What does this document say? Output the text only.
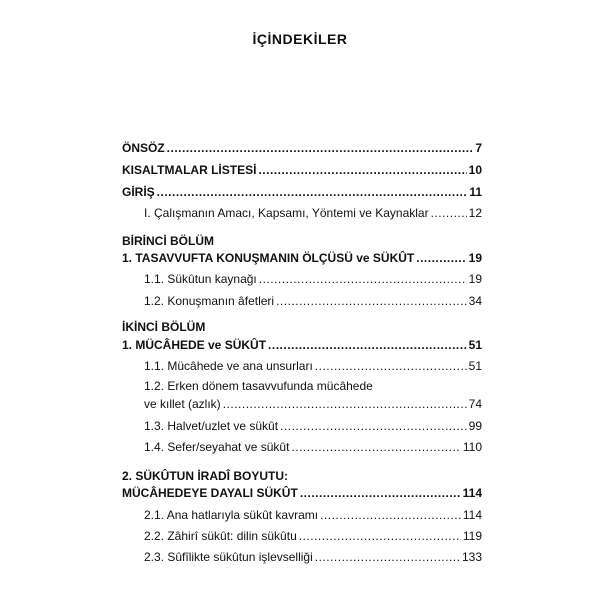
İÇİNDEKİLER
ÖNSÖZ .....	7
KISALTMALAR LİSTESİ .....	10
GİRİŞ .....	11
I. Çalışmanın Amacı, Kapsamı, Yöntemi ve Kaynaklar .....	12
BİRİNCİ BÖLÜM
1. TASAVVUFTA KONUŞMANIN ÖLÇÜSÜ ve SÜKÛT .....	19
1.1. Sükûtun kaynağı .....	19
1.2. Konuşmanın âfetleri .....	34
İKİNCİ BÖLÜM
1. MÜCÂHEDE ve SÜKÛT .....	51
1.1. Mücâhede ve ana unsurları .....	51
1.2. Erken dönem tasavvufunda mücâhede
ve kıllet (azlık) .....	74
1.3. Halvet/uzlet ve sükût .....	99
1.4. Sefer/seyahat ve sükût .....	110
2. SÜKÛTUN İRADÎ BOYUTU:
MÜCÂHEDEYE DAYALI SÜKÛT .....	114
2.1. Ana hatlarıyla sükût kavramı .....	114
2.2. Zâhirî sükût: dilin sükûtu .....	119
2.3. Sûfîlikte sükûtun işlevselliği .....	133
